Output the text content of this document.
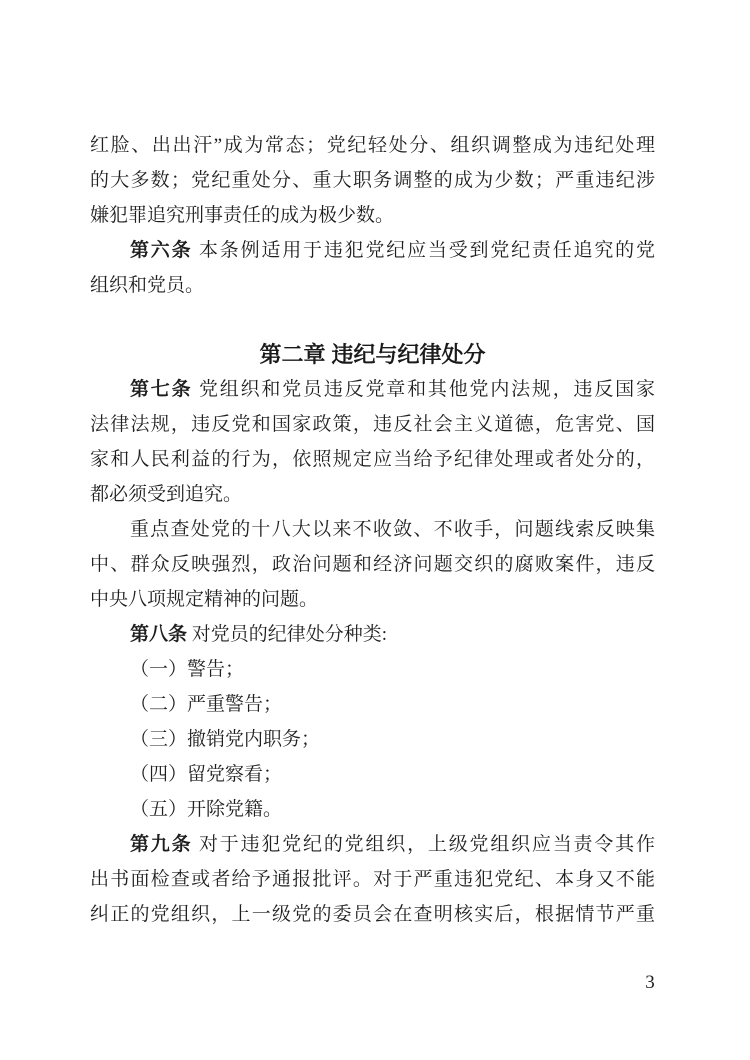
红脸、出出汗”成为常态；党纪轻处分、组织调整成为违纪处理
的大多数；党纪重处分、重大职务调整的成为少数；严重违纪涉
嫌犯罪追究刑事责任的成为极少数。
第六条 本条例适用于违犯党纪应当受到党纪责任追究的党
组织和党员。
第二章 违纪与纪律处分
第七条 党组织和党员违反党章和其他党内法规，违反国家
法律法规，违反党和国家政策，违反社会主义道德，危害党、国
家和人民利益的行为，依照规定应当给予纪律处理或者处分的，
都必须受到追究。
重点查处党的十八大以来不收敛、不收手，问题线索反映集
中、群众反映强烈，政治问题和经济问题交织的腐败案件，违反
中央八项规定精神的问题。
第八条 对党员的纪律处分种类:
（一）警告；
（二）严重警告；
（三）撤销党内职务；
（四）留党察看；
（五）开除党籍。
第九条 对于违犯党纪的党组织，上级党组织应当责令其作
出书面检查或者给予通报批评。对于严重违犯党纪、本身又不能
纠正的党组织，上一级党的委员会在查明核实后，根据情节严重
3
